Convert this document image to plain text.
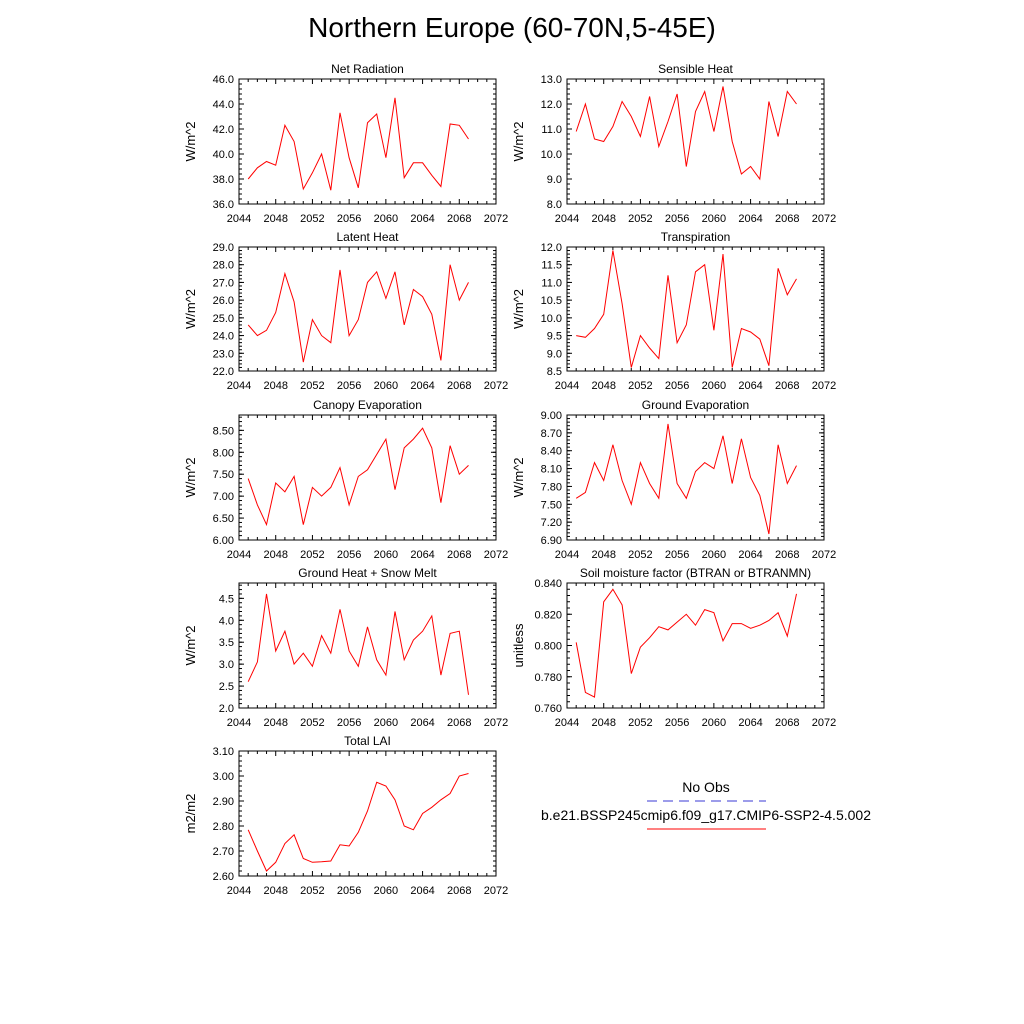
Northern Europe (60-70N,5-45E)
Net Radiation
W/m^2
2044 2048 2052 2056 2060 2064 2068 2072
36.0
38.0
40.0
42.0
44.0
46.0
Sensible Heat
W/m^2
2044 2048 2052 2056 2060 2064 2068 2072
8.0
9.0
10.0
11.0
12.0
13.0
Latent Heat
W/m^2
2044 2048 2052 2056 2060 2064 2068 2072
22.0
23.0
24.0
25.0
26.0
27.0
28.0
29.0
Transpiration
W/m^2
2044 2048 2052 2056 2060 2064 2068 2072
8.5
9.0
9.5
10.0
10.5
11.0
11.5
12.0
Canopy Evaporation
W/m^2
2044 2048 2052 2056 2060 2064 2068 2072
6.00
6.50
7.00
7.50
8.00
8.50
Ground Evaporation
W/m^2
2044 2048 2052 2056 2060 2064 2068 2072
6.90
7.20
7.50
7.80
8.10
8.40
8.70
9.00
Ground Heat + Snow Melt
W/m^2
2044 2048 2052 2056 2060 2064 2068 2072
2.0
2.5
3.0
3.5
4.0
4.5
Soil moisture factor (BTRAN or BTRANMN)
unitless
2044 2048 2052 2056 2060 2064 2068 2072
0.760
0.780
0.800
0.820
0.840
Total LAI
m2/m2
2044 2048 2052 2056 2060 2064 2068 2072
2.60
2.70
2.80
2.90
3.00
3.10
No Obs
b.e21.BSSP245cmip6.f09_g17.CMIP6-SSP2-4.5.002
